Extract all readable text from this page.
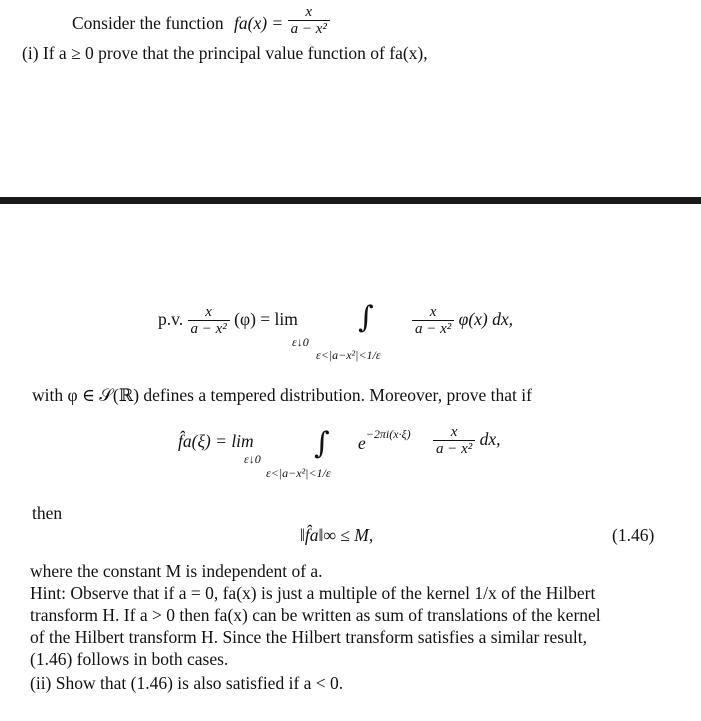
Consider the function $fa(x) = \frac{x}{\text{a − x²}}$
(i) If a ≥ 0 prove that the principal value function of fa(x),
p.v. $\frac{x}{\text{a − x²}} (\varphi) = \lim$
ε↓0
∫
ε<|a−x²|<1/ε
$\frac{x}{\text{a − x²}} \varphi(x)$ dx,
with φ ∈ 𝒮(ℝ) defines a tempered distribution. Moreover, prove that if
f̂a(ξ) = lim
ε↓0 ∫ $e^{-2\pi i(x\cdot\xi)} \frac{x}{\text{a − x²}}$ dx,
ε<|a−x²|<1/ε
then
‖f̂a‖∞ ≤ M,	(1.46)
where the constant M is independent of a.
Hint: Observe that if a = 0, fa(x) is just a multiple of the kernel 1/x of the Hilbert
transform H. If a > 0 then fa(x) can be written as sum of translations of the kernel
of the Hilbert transform H. Since the Hilbert transform satisfies a similar result,
(1.46) follows in both cases.
(ii) Show that (1.46) is also satisfied if a < 0.
